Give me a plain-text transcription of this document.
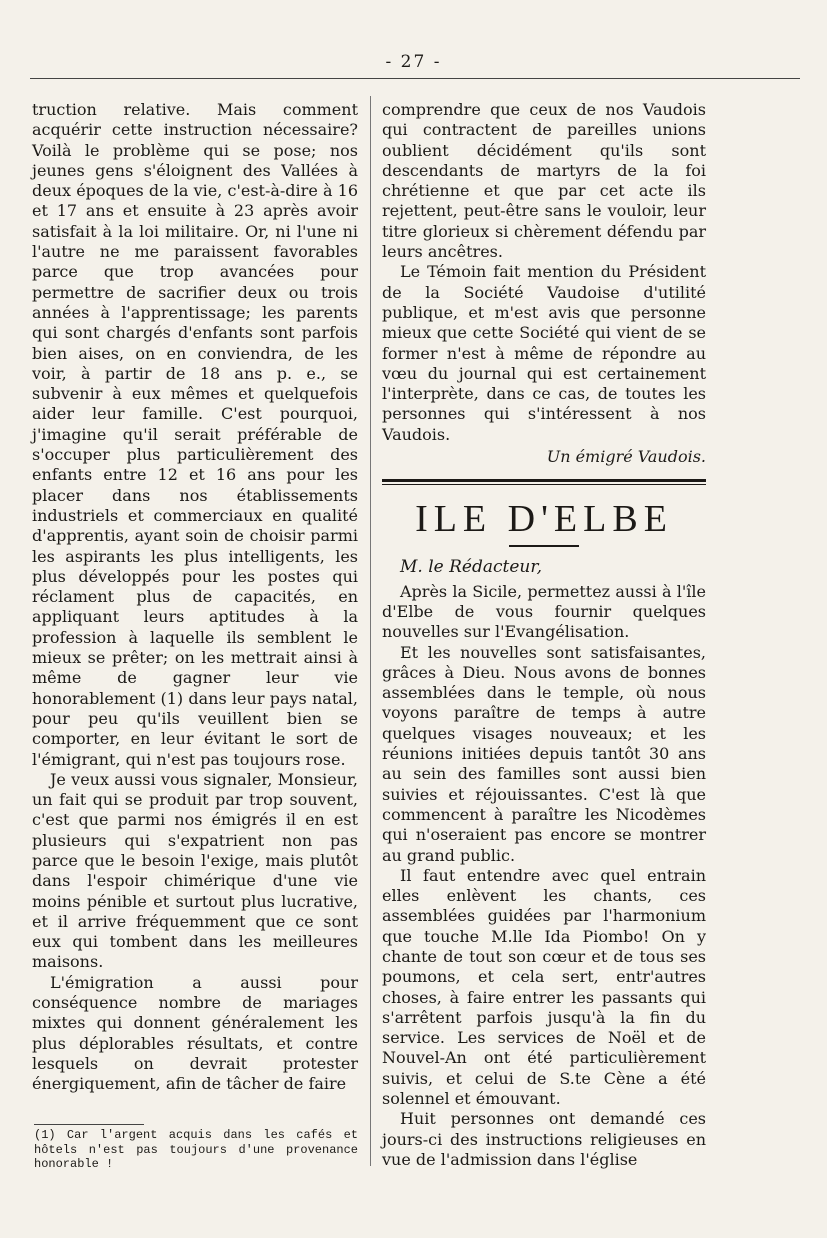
- 27 -

truction relative. Mais comment acquérir cette instruction nécessaire? Voilà le problème qui se pose; nos jeunes gens s'éloignent des Vallées à deux époques de la vie, c'est-à-dire à 16 et 17 ans et ensuite à 23 après avoir satisfait à la loi militaire. Or, ni l'une ni l'autre ne me paraissent favorables parce que trop avancées pour permettre de sacrifier deux ou trois années à l'apprentissage; les parents qui sont chargés d'enfants sont parfois bien aises, on en conviendra, de les voir, à partir de 18 ans p. e., se subvenir à eux mêmes et quelquefois aider leur famille. C'est pourquoi, j'imagine qu'il serait préférable de s'occuper plus particulièrement des enfants entre 12 et 16 ans pour les placer dans nos établissements industriels et commerciaux en qualité d'apprentis, ayant soin de choisir parmi les aspirants les plus intelligents, les plus développés pour les postes qui réclament plus de capacités, en appliquant leurs aptitudes à la profession à laquelle ils semblent le mieux se prêter; on les mettrait ainsi à même de gagner leur vie honorablement (1) dans leur pays natal, pour peu qu'ils veuillent bien se comporter, en leur évitant le sort de l'émigrant, qui n'est pas toujours rose.

Je veux aussi vous signaler, Monsieur, un fait qui se produit par trop souvent, c'est que parmi nos émigrés il en est plusieurs qui s'expatrient non pas parce que le besoin l'exige, mais plutôt dans l'espoir chimérique d'une vie moins pénible et surtout plus lucrative, et il arrive fréquemment que ce sont eux qui tombent dans les meilleures maisons.

L'émigration a aussi pour conséquence nombre de mariages mixtes qui donnent généralement les plus déplorables résultats, et contre lesquels on devrait protester énergiquement, afin de tâcher de faire

comprendre que ceux de nos Vaudois qui contractent de pareilles unions oublient décidément qu'ils sont descendants de martyrs de la foi chrétienne et que par cet acte ils rejettent, peut-être sans le vouloir, leur titre glorieux si chèrement défendu par leurs ancêtres.

Le Témoin fait mention du Président de la Société Vaudoise d'utilité publique, et m'est avis que personne mieux que cette Société qui vient de se former n'est à même de répondre au vœu du journal qui est certainement l'interprète, dans ce cas, de toutes les personnes qui s'intéressent à nos Vaudois.

Un émigré Vaudois.

ILE D'ELBE

M. le Rédacteur,

Après la Sicile, permettez aussi à l'île d'Elbe de vous fournir quelques nouvelles sur l'Evangélisation.

Et les nouvelles sont satisfaisantes, grâces à Dieu. Nous avons de bonnes assemblées dans le temple, où nous voyons paraître de temps à autre quelques visages nouveaux; et les réunions initiées depuis tantôt 30 ans au sein des familles sont aussi bien suivies et réjouissantes. C'est là que commencent à paraître les Nicodèmes qui n'oseraient pas encore se montrer au grand public.

Il faut entendre avec quel entrain elles enlèvent les chants, ces assemblées guidées par l'harmonium que touche M.lle Ida Piombo! On y chante de tout son cœur et de tous ses poumons, et cela sert, entr'autres choses, à faire entrer les passants qui s'arrêtent parfois jusqu'à la fin du service. Les services de Noël et de Nouvel-An ont été particulièrement suivis, et celui de S.te Cène a été solennel et émouvant.

Huit personnes ont demandé ces jours-ci des instructions religieuses en vue de l'admission dans l'église

(1) Car l'argent acquis dans les cafés et hôtels n'est pas toujours d'une provenance honorable !
